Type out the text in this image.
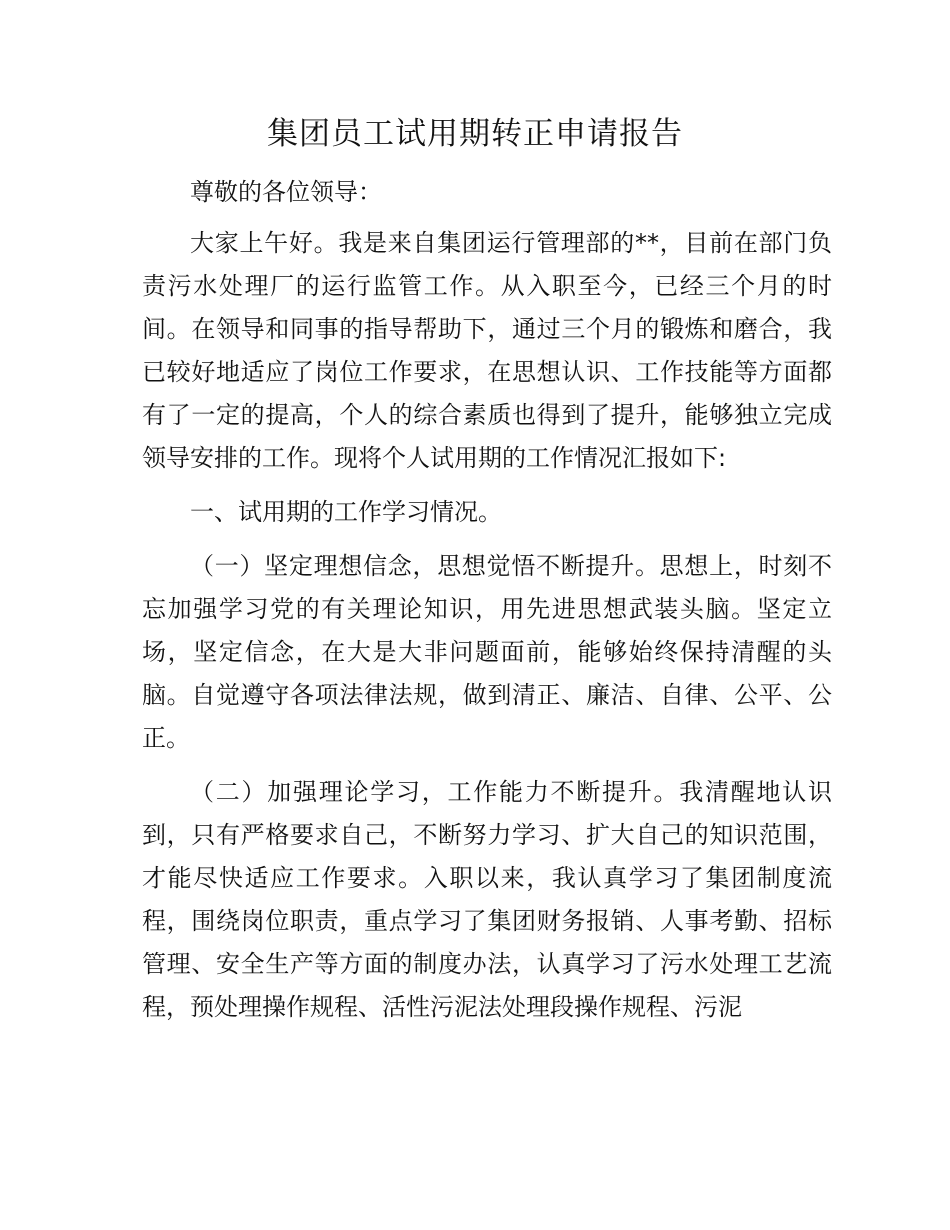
集团员工试用期转正申请报告
尊敬的各位领导：

大家上午好。我是来自集团运行管理部的**，目前在部门负责污水处理厂的运行监管工作。从入职至今，已经三个月的时间。在领导和同事的指导帮助下，通过三个月的锻炼和磨合，我已较好地适应了岗位工作要求，在思想认识、工作技能等方面都有了一定的提高，个人的综合素质也得到了提升，能够独立完成领导安排的工作。现将个人试用期的工作情况汇报如下:

一、试用期的工作学习情况。

（一）坚定理想信念，思想觉悟不断提升。思想上，时刻不忘加强学习党的有关理论知识，用先进思想武装头脑。坚定立场，坚定信念，在大是大非问题面前，能够始终保持清醒的头脑。自觉遵守各项法律法规，做到清正、廉洁、自律、公平、公正。

（二）加强理论学习，工作能力不断提升。我清醒地认识到，只有严格要求自己，不断努力学习、扩大自己的知识范围，才能尽快适应工作要求。入职以来，我认真学习了集团制度流程，围绕岗位职责，重点学习了集团财务报销、人事考勤、招标管理、安全生产等方面的制度办法，认真学习了污水处理工艺流程，预处理操作规程、活性污泥法处理段操作规程、污泥
